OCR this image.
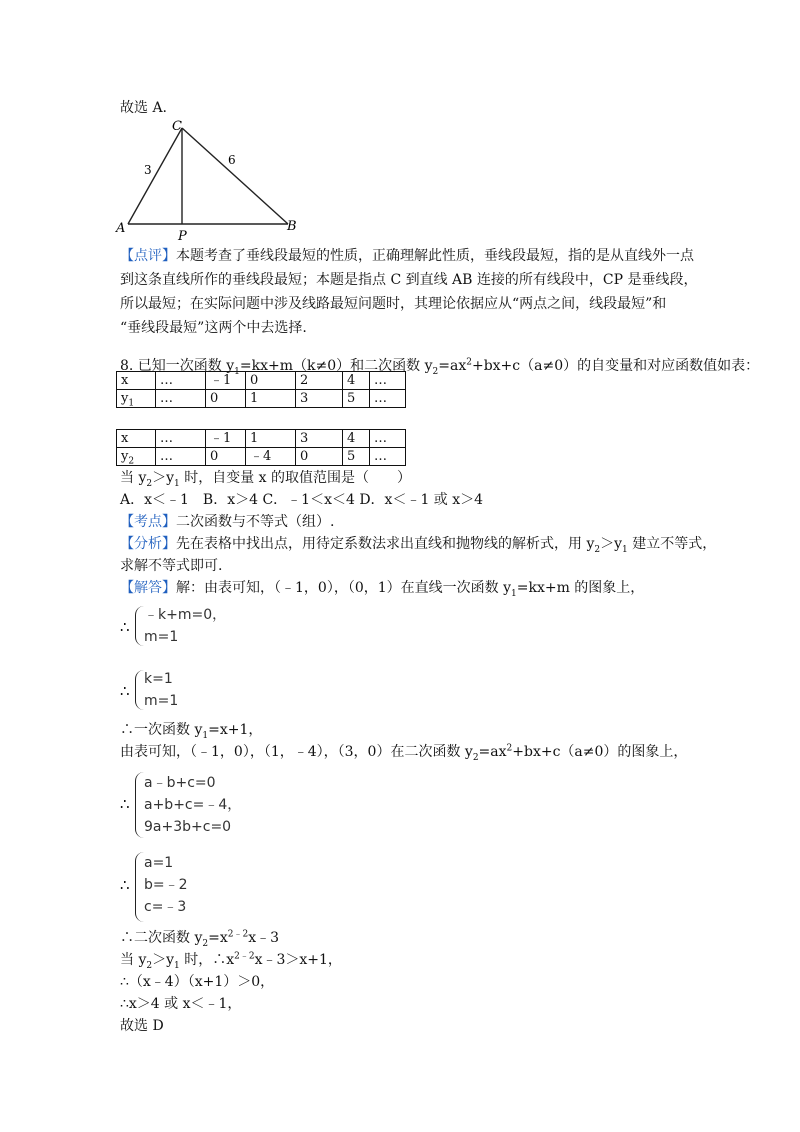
故选 A.
C
A	B
P
3
6
【点评】本题考查了垂线段最短的性质，正确理解此性质，垂线段最短，指的是从直线外一点
到这条直线所作的垂线段最短；本题是指点 C 到直线 AB 连接的所有线段中，CP 是垂线段，
所以最短；在实际问题中涉及线路最短问题时，其理论依据应从“两点之间，线段最短”和
“垂线段最短”这两个中去选择.
8. 已知一次函数 $y_1=kx+m(k\ne 0)$和二次函数 $y_2=ax^2+bx+c(a\ne 0)$的自变量和对应函数值如表：
x	…	﹣1	0	2	4	…
$y_1$	…	0	1	3	5	…
x	…	﹣1	1	3	4	…
$y_2$	…	0	﹣4	0	5	…
当 $y_2>y_1$ 时，自变量 x 的取值范围是（　　）
A．x＜﹣1　B．x＞4 C．﹣1＜x＜4 D．x＜﹣1 或 x＞4
【考点】二次函数与不等式（组）.
【分析】先在表格中找出点，用待定系数法求出直线和抛物线的解析式，用 $y_2>y_1$ 建立不等式，
求解不等式即可.
【解答】解：由表可知，（﹣1，0），（0，1）在直线一次函数 $y_1=kx+m$ 的图象上，
∴
﹣k+m=0，
m=1
∴
k=1
m=1
∴一次函数 $y_1=x+1$，
由表可知，（﹣1，0），（1，﹣4），（3，0）在二次函数 $y_2=ax^2+bx+c(a\ne 0)$的图象上，
∴
a﹣b+c=0
a+b+c=﹣4，
9a+3b+c=0
∴
a=1
b=﹣2
c=﹣3
∴二次函数 $y_2=x^{2﹣2}x﹣3$
当 $y_2>y_1$ 时，$\therefore x^{2﹣2}x﹣3>x+1$，
∴（x﹣4）（x+1）＞0，
∴x＞4 或 x＜﹣1，
故选 D
